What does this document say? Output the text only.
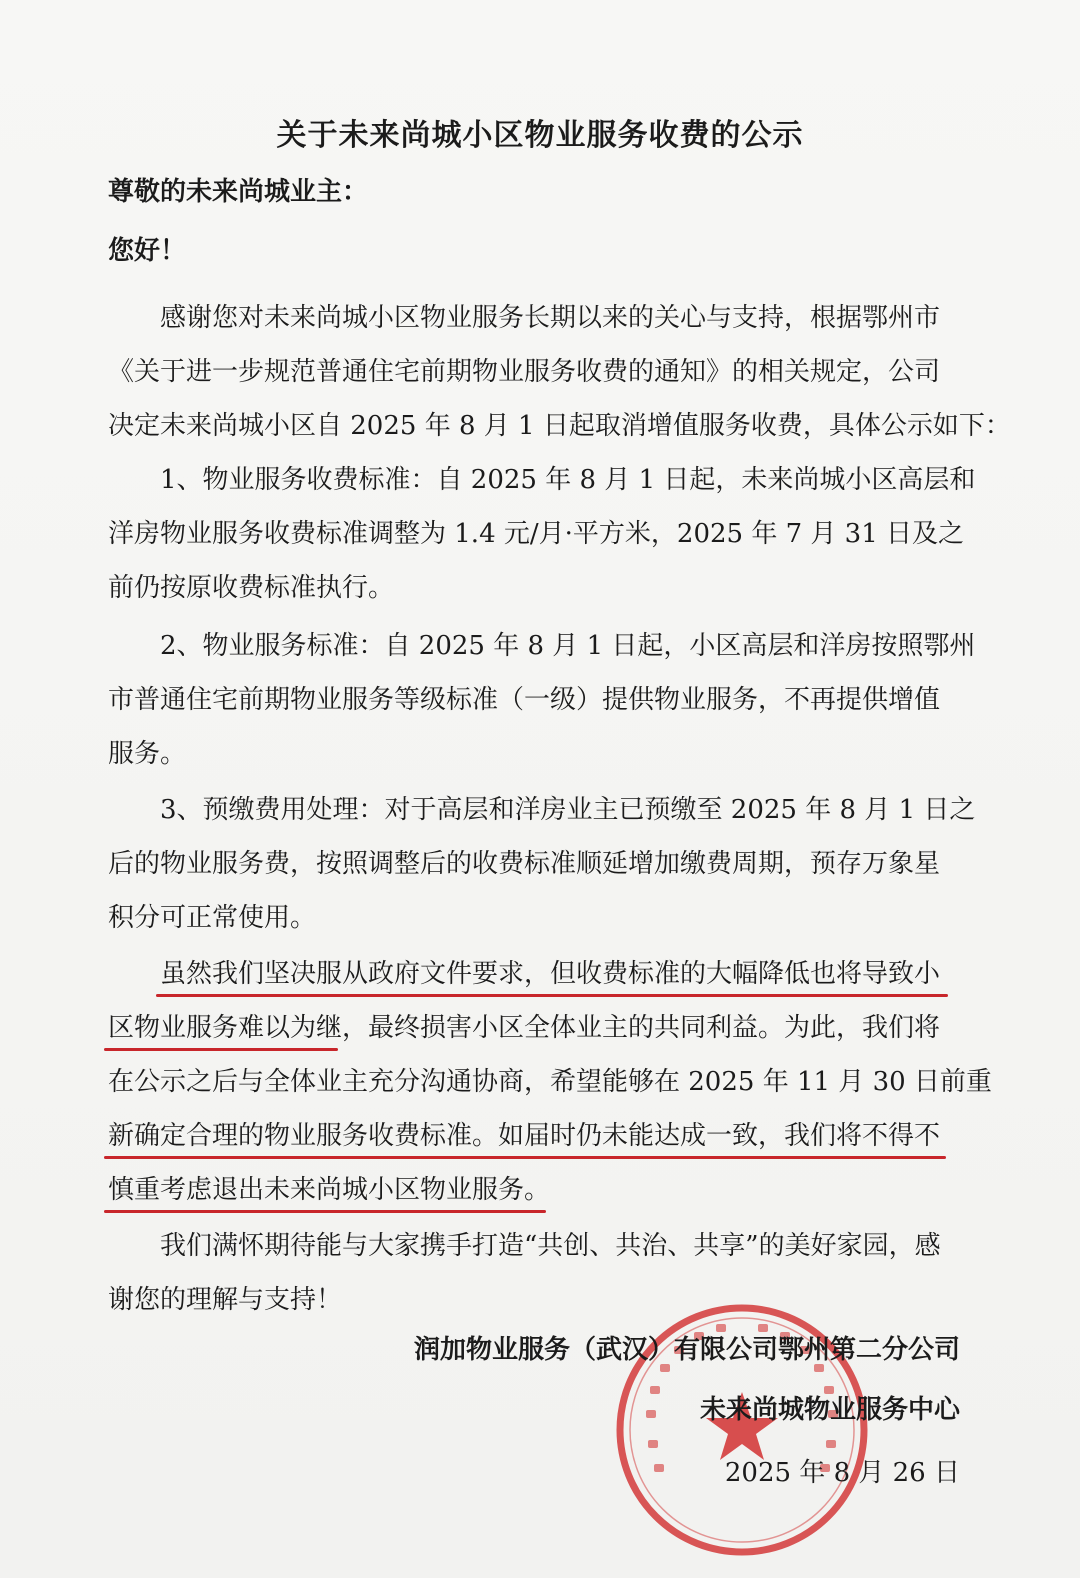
关于未来尚城小区物业服务收费的公示
尊敬的未来尚城业主：
您好！
感谢您对未来尚城小区物业服务长期以来的关心与支持，根据鄂州市
《关于进一步规范普通住宅前期物业服务收费的通知》的相关规定，公司
决定未来尚城小区自 2025 年 8 月 1 日起取消增值服务收费，具体公示如下：
1、物业服务收费标准：自 2025 年 8 月 1 日起，未来尚城小区高层和
洋房物业服务收费标准调整为 1.4 元/月·平方米，2025 年 7 月 31 日及之
前仍按原收费标准执行。
2、物业服务标准：自 2025 年 8 月 1 日起，小区高层和洋房按照鄂州
市普通住宅前期物业服务等级标准（一级）提供物业服务，不再提供增值
服务。
3、预缴费用处理：对于高层和洋房业主已预缴至 2025 年 8 月 1 日之
后的物业服务费，按照调整后的收费标准顺延增加缴费周期，预存万象星
积分可正常使用。
虽然我们坚决服从政府文件要求，但收费标准的大幅降低也将导致小
区物业服务难以为继，最终损害小区全体业主的共同利益。为此，我们将
在公示之后与全体业主充分沟通协商，希望能够在 2025 年 11 月 30 日前重
新确定合理的物业服务收费标准。如届时仍未能达成一致，我们将不得不
慎重考虑退出未来尚城小区物业服务。
我们满怀期待能与大家携手打造“共创、共治、共享”的美好家园，感
谢您的理解与支持！
润加物业服务（武汉）有限公司鄂州第二分公司
未来尚城物业服务中心
2025 年 8 月 26 日
